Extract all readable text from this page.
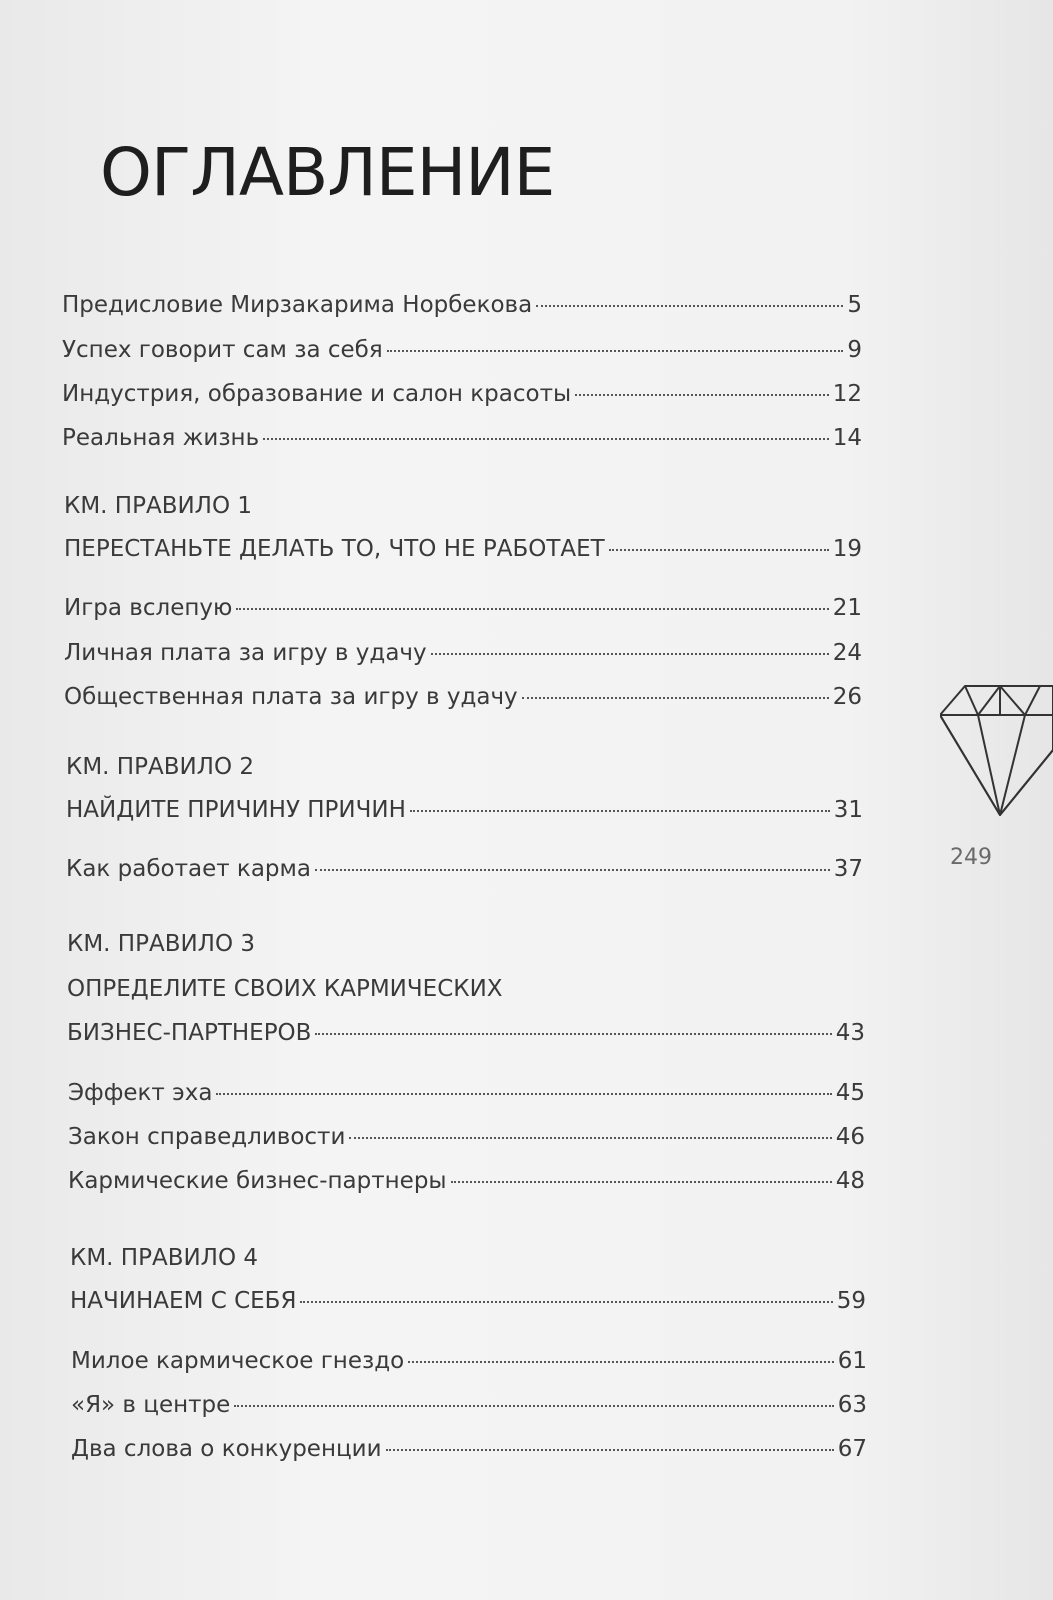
ОГЛАВЛЕНИЕ
Предисловие Мирзакарима Норбекова	5
Успех говорит сам за себя	9
Индустрия, образование и салон красоты	12
Реальная жизнь	14
КМ. ПРАВИЛО 1
ПЕРЕСТАНЬТЕ ДЕЛАТЬ ТО, ЧТО НЕ РАБОТАЕТ	19
Игра вслепую	21
Личная плата за игру в удачу	24
Общественная плата за игру в удачу	26
КМ. ПРАВИЛО 2
НАЙДИТЕ ПРИЧИНУ ПРИЧИН	31
Как работает карма	37
КМ. ПРАВИЛО 3
ОПРЕДЕЛИТЕ СВОИХ КАРМИЧЕСКИХ
БИЗНЕС-ПАРТНЕРОВ	43
Эффект эха	45
Закон справедливости	46
Кармические бизнес-партнеры	48
КМ. ПРАВИЛО 4
НАЧИНАЕМ С СЕБЯ	59
Милое кармическое гнездо	61
«Я» в центре	63
Два слова о конкуренции	67
249
